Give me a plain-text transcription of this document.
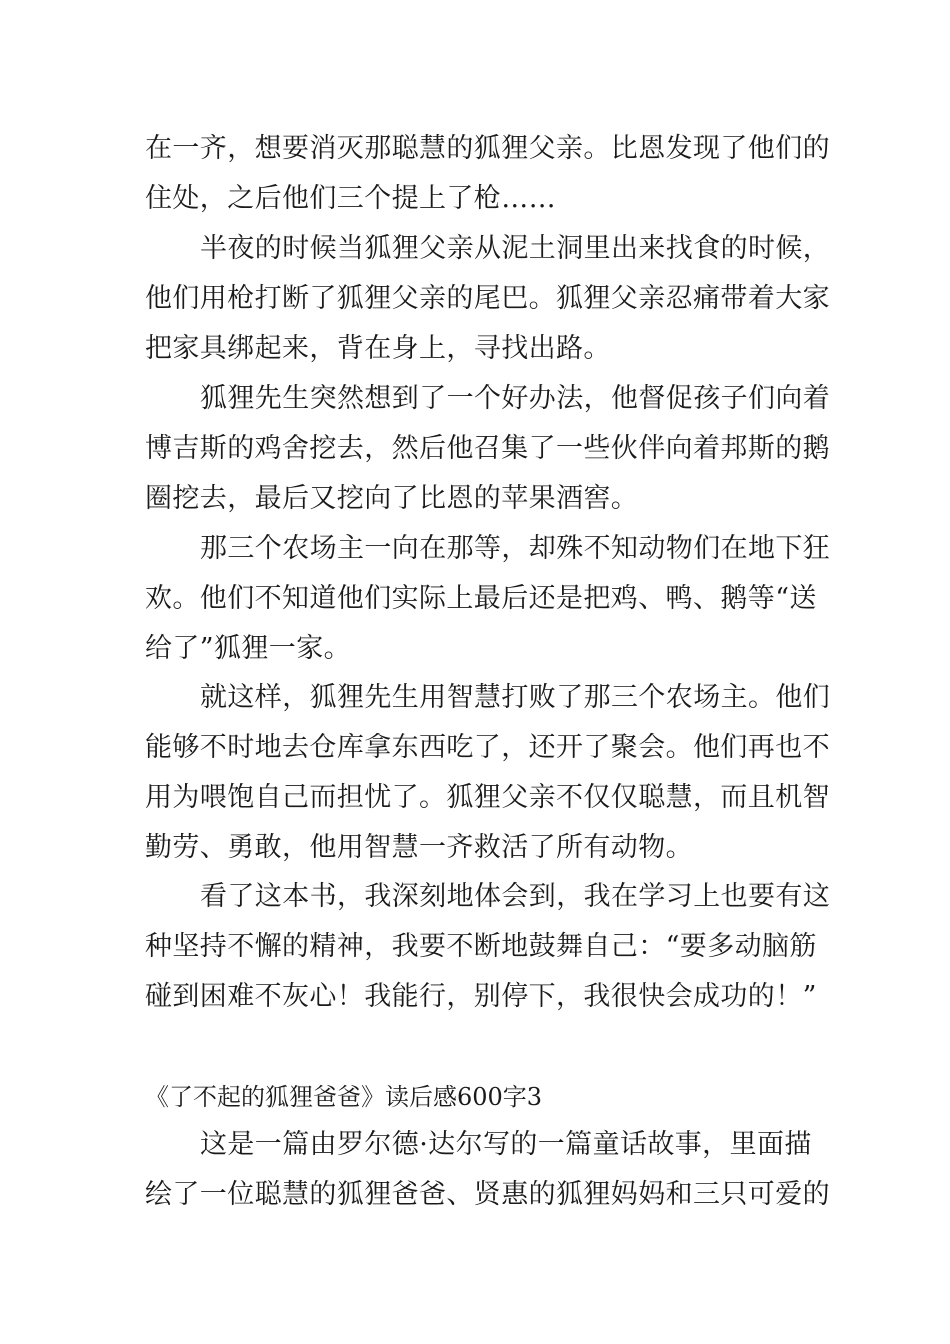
在一齐，想要消灭那聪慧的狐狸父亲。比恩发现了他们的
住处，之后他们三个提上了枪……
半夜的时候当狐狸父亲从泥土洞里出来找食的时候，
他们用枪打断了狐狸父亲的尾巴。狐狸父亲忍痛带着大家
把家具绑起来，背在身上，寻找出路。
狐狸先生突然想到了一个好办法，他督促孩子们向着
博吉斯的鸡舍挖去，然后他召集了一些伙伴向着邦斯的鹅
圈挖去，最后又挖向了比恩的苹果酒窖。
那三个农场主一向在那等，却殊不知动物们在地下狂
欢。他们不知道他们实际上最后还是把鸡、鸭、鹅等“送
给了”狐狸一家。
就这样，狐狸先生用智慧打败了那三个农场主。他们
能够不时地去仓库拿东西吃了，还开了聚会。他们再也不
用为喂饱自己而担忧了。狐狸父亲不仅仅聪慧，而且机智
勤劳、勇敢，他用智慧一齐救活了所有动物。
看了这本书，我深刻地体会到，我在学习上也要有这
种坚持不懈的精神，我要不断地鼓舞自己：“要多动脑筋
碰到困难不灰心！我能行，别停下，我很快会成功的！”
《了不起的狐狸爸爸》读后感600字3
这是一篇由罗尔德·达尔写的一篇童话故事，里面描
绘了一位聪慧的狐狸爸爸、贤惠的狐狸妈妈和三只可爱的
